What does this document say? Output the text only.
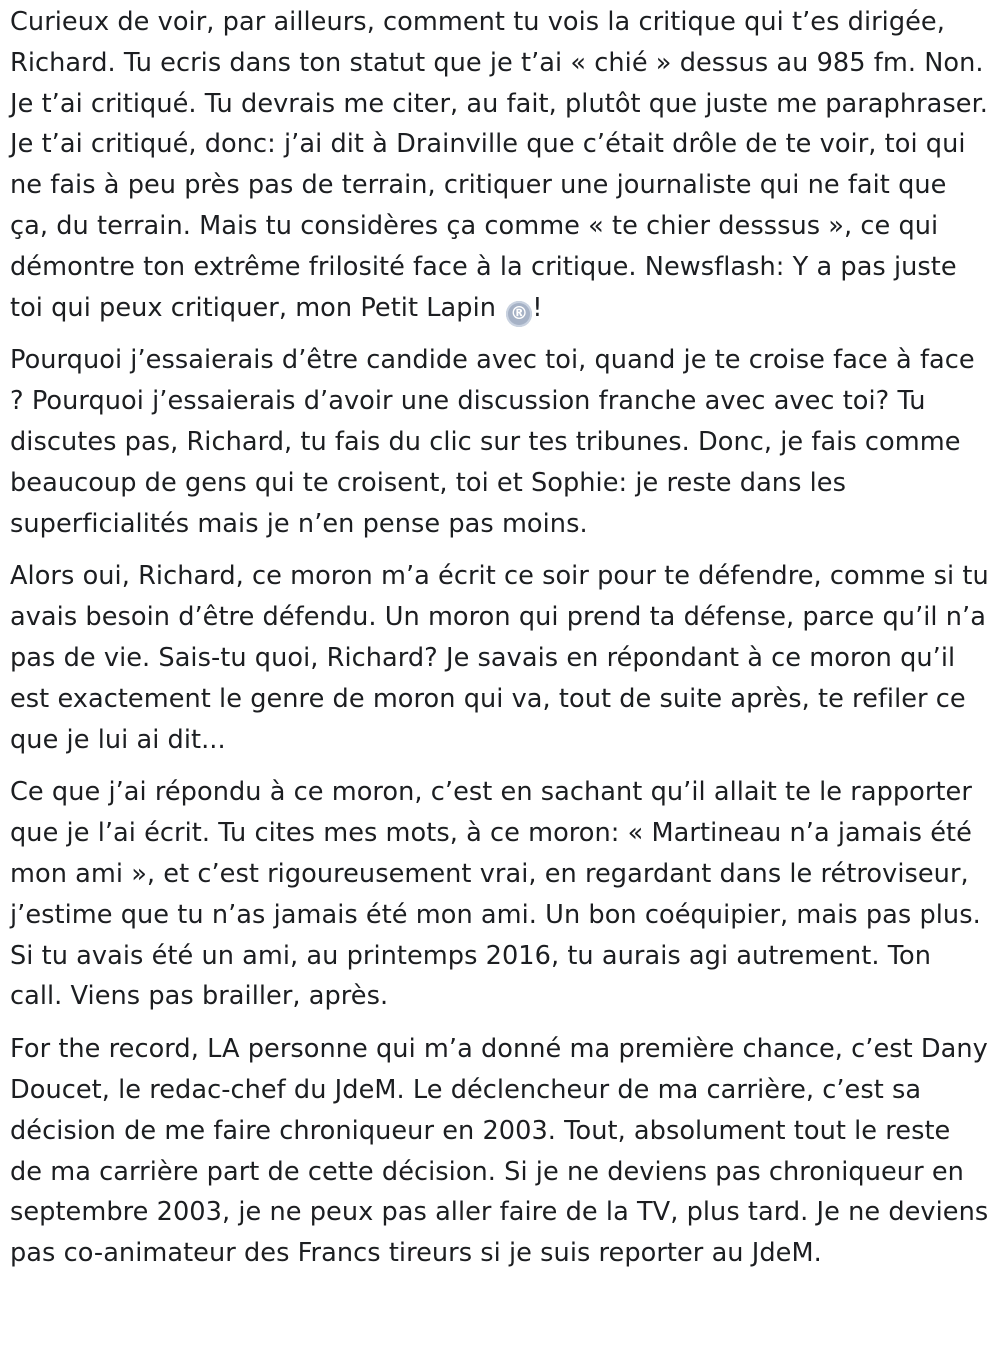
Curieux de voir, par ailleurs, comment tu vois la critique qui t’es dirigée, Richard. Tu ecris dans ton statut que je t’ai « chié » dessus au 985 fm. Non. Je t’ai critiqué. Tu devrais me citer, au fait, plutôt que juste me paraphraser. Je t’ai critiqué, donc: j’ai dit à Drainville que c’était drôle de te voir, toi qui ne fais à peu près pas de terrain, critiquer une journaliste qui ne fait que ça, du terrain. Mais tu considères ça comme « te chier desssus », ce qui démontre ton extrême frilosité face à la critique. Newsflash: Y a pas juste toi qui peux critiquer, mon Petit Lapin ® !

Pourquoi j’essaierais d’être candide avec toi, quand je te croise face à face ? Pourquoi j’essaierais d’avoir une discussion franche avec avec toi? Tu discutes pas, Richard, tu fais du clic sur tes tribunes. Donc, je fais comme beaucoup de gens qui te croisent, toi et Sophie: je reste dans les superficialités mais je n’en pense pas moins.

Alors oui, Richard, ce moron m’a écrit ce soir pour te défendre, comme si tu avais besoin d’être défendu. Un moron qui prend ta défense, parce qu’il n’a pas de vie. Sais-tu quoi, Richard? Je savais en répondant à ce moron qu’il est exactement le genre de moron qui va, tout de suite après, te refiler ce que je lui ai dit...

Ce que j’ai répondu à ce moron, c’est en sachant qu’il allait te le rapporter que je l’ai écrit. Tu cites mes mots, à ce moron: « Martineau n’a jamais été mon ami », et c’est rigoureusement vrai, en regardant dans le rétroviseur, j’estime que tu n’as jamais été mon ami. Un bon coéquipier, mais pas plus. Si tu avais été un ami, au printemps 2016, tu aurais agi autrement. Ton call. Viens pas brailler, après.

For the record, LA personne qui m’a donné ma première chance, c’est Dany Doucet, le redac-chef du JdeM. Le déclencheur de ma carrière, c’est sa décision de me faire chroniqueur en 2003. Tout, absolument tout le reste de ma carrière part de cette décision. Si je ne deviens pas chroniqueur en septembre 2003, je ne peux pas aller faire de la TV, plus tard. Je ne deviens pas co-animateur des Francs tireurs si je suis reporter au JdeM.
